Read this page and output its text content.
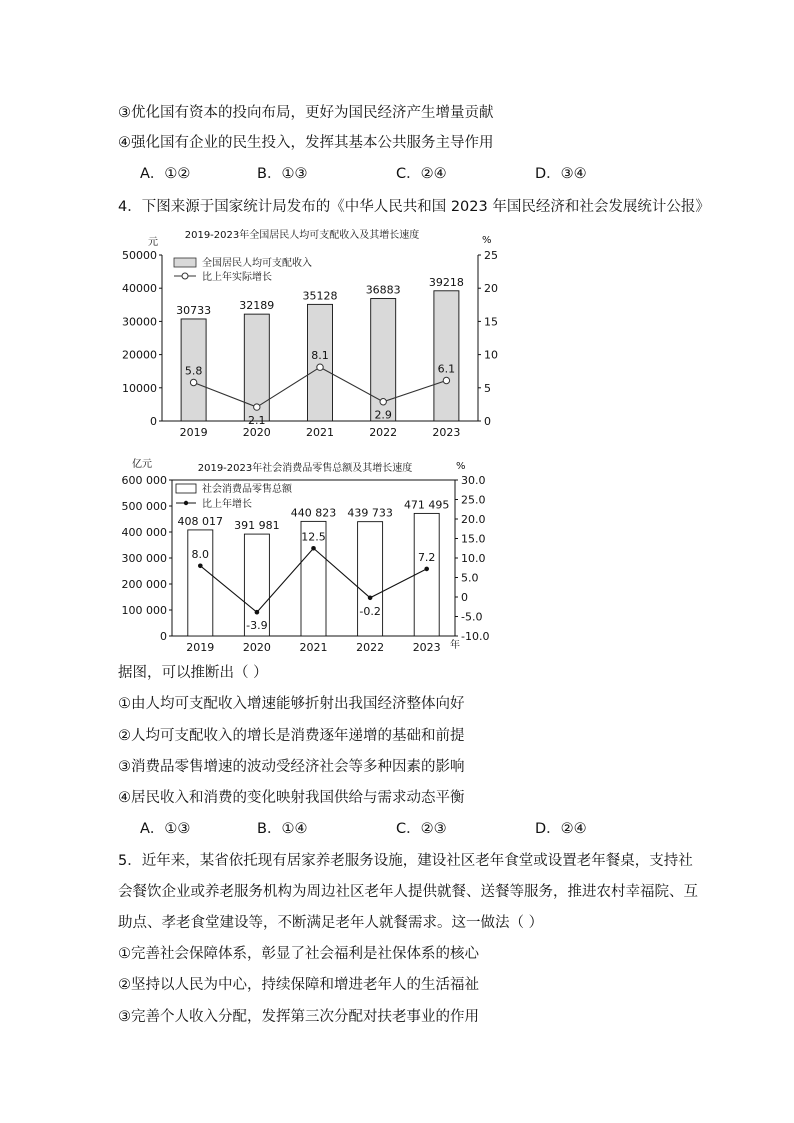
③优化国有资本的投向布局，更好为国民经济产生增量贡献
④强化国有企业的民生投入，发挥其基本公共服务主导作用
A．①②	B．①③	C．②④	D．③④
4．下图来源于国家统计局发布的《中华人民共和国 2023 年国民经济和社会发展统计公报》
2019-2023年全国居民人均可支配收入及其增长速度
元	%
50000
40000
30000
20000
10000
0
25
20
15
10
5
0
2019	2020	2021	2022	2023
30733	32189
35128	36883
39218
5.8
2.1
8.1
2.9
6.1
全国居民人均可支配收入
比上年实际增长
2019-2023年社会消费品零售总额及其增长速度
亿元	%
年
600 000
500 000
400 000
300 000
200 000
100 000
0
30.0
25.0
20.0
15.0
10.0
5.0
0
-5.0
-10.0
2019	2020	2021	2022	2023
408 017 391 981
440 823 439 733
471 495
8.0
-3.9
12.5
-0.2
7.2
社会消费品零售总额
比上年增长
据图，可以推断出（ ）
①由人均可支配收入增速能够折射出我国经济整体向好
②人均可支配收入的增长是消费逐年递增的基础和前提
③消费品零售增速的波动受经济社会等多种因素的影响
④居民收入和消费的变化映射我国供给与需求动态平衡
A．①③	B．①④	C．②③	D．②④
5．近年来，某省依托现有居家养老服务设施，建设社区老年食堂或设置老年餐桌，支持社
会餐饮企业或养老服务机构为周边社区老年人提供就餐、送餐等服务，推进农村幸福院、互
助点、孝老食堂建设等，不断满足老年人就餐需求。这一做法（ ）
①完善社会保障体系，彰显了社会福利是社保体系的核心
②坚持以人民为中心，持续保障和增进老年人的生活福祉
③完善个人收入分配，发挥第三次分配对扶老事业的作用
